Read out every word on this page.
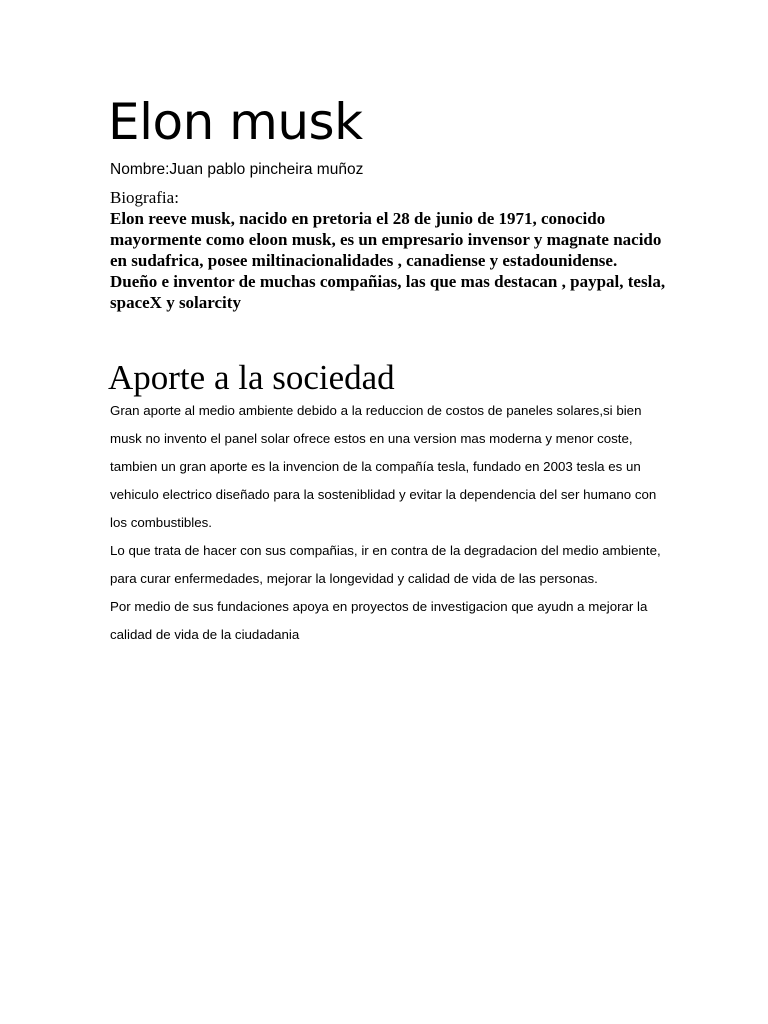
Elon musk

Nombre:Juan pablo pincheira muñoz

Biografia:

Elon reeve musk, nacido en pretoria el 28 de junio de 1971, conocido mayormente como eloon musk, es un empresario invensor y magnate nacido en sudafrica, posee miltinacionalidades , canadiense y estadounidense.

Dueño e inventor de muchas compañias, las que mas destacan , paypal, tesla, spaceX y solarcity

Aporte a la sociedad

Gran aporte al medio ambiente debido a la reduccion de costos de paneles solares,si bien musk no invento el panel solar ofrece estos en una version mas moderna y menor coste, tambien un gran aporte es la invencion de la compañía tesla, fundado en 2003 tesla es un vehiculo electrico diseñado para la sosteniblidad y evitar la dependencia del ser humano con los combustibles.

Lo que trata de hacer con sus compañias, ir en contra de la degradacion del medio ambiente, para curar enfermedades, mejorar la longevidad y calidad de vida de las personas.

Por medio de sus fundaciones apoya en proyectos de investigacion que ayudn a mejorar la calidad de vida de la ciudadania
